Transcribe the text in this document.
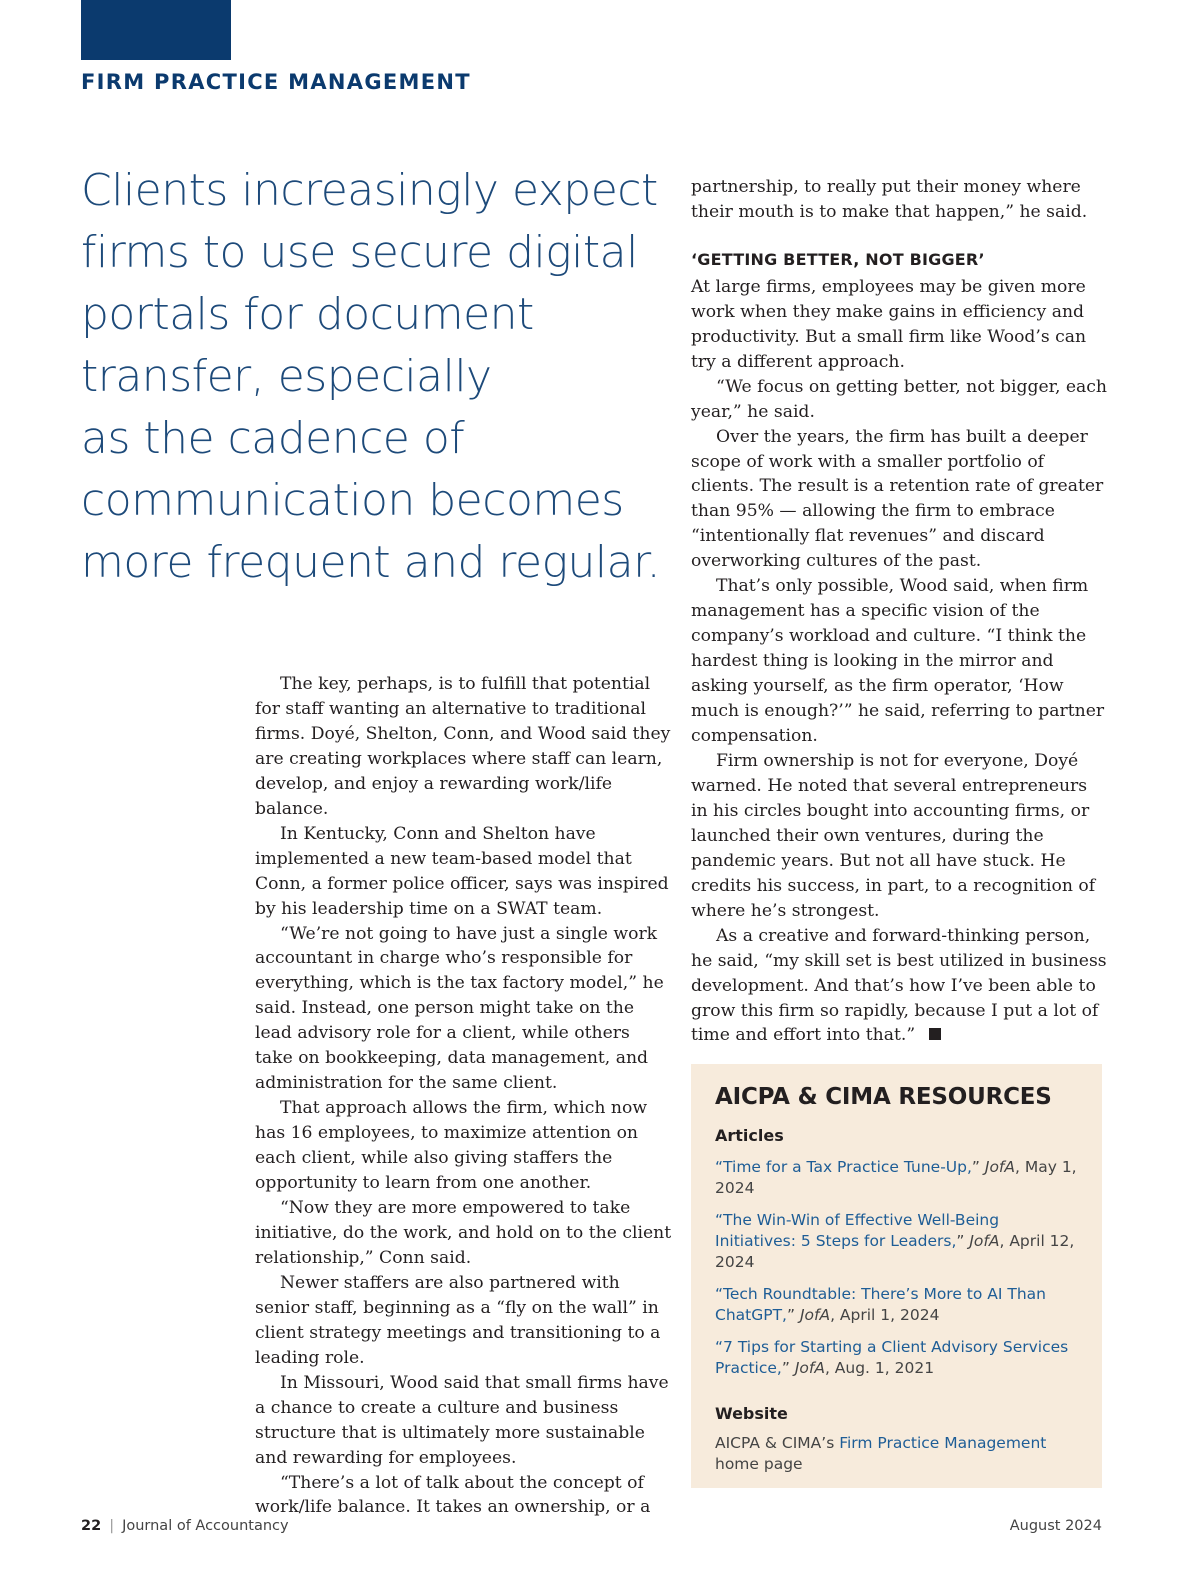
FIRM PRACTICE MANAGEMENT
Clients increasingly expect
firms to use secure digital
portals for document
transfer, especially
as the cadence of
communication becomes
more frequent and regular.

The key, perhaps, is to fulfill that potential for staff wanting an alternative to traditional firms. Doyé, Shelton, Conn, and Wood said they are creating workplaces where staff can learn, develop, and enjoy a rewarding work/life balance.

In Kentucky, Conn and Shelton have implemented a new team-based model that Conn, a former police officer, says was inspired by his leadership time on a SWAT team.

“We’re not going to have just a single work accountant in charge who’s responsible for everything, which is the tax factory model,” he said. Instead, one person might take on the lead advisory role for a client, while others take on bookkeeping, data management, and administration for the same client.

That approach allows the firm, which now has 16 employees, to maximize attention on each client, while also giving staffers the opportunity to learn from one another.

“Now they are more empowered to take initiative, do the work, and hold on to the client relationship,” Conn said.

Newer staffers are also partnered with senior staff, beginning as a “fly on the wall” in client strategy meetings and transitioning to a leading role.

In Missouri, Wood said that small firms have a chance to create a culture and business structure that is ultimately more sustainable and rewarding for employees.

“There’s a lot of talk about the concept of work/life balance. It takes an ownership, or a

partnership, to really put their money where their mouth is to make that happen,” he said.

‘GETTING BETTER, NOT BIGGER’

At large firms, employees may be given more work when they make gains in efficiency and productivity. But a small firm like Wood’s can try a different approach.

“We focus on getting better, not bigger, each year,” he said.

Over the years, the firm has built a deeper scope of work with a smaller portfolio of clients. The result is a retention rate of greater than 95% — allowing the firm to embrace “intentionally flat revenues” and discard overworking cultures of the past.

That’s only possible, Wood said, when firm management has a specific vision of the company’s workload and culture. “I think the hardest thing is looking in the mirror and asking yourself, as the firm operator, ‘How much is enough?’” he said, referring to partner compensation.

Firm ownership is not for everyone, Doyé warned. He noted that several entrepreneurs in his circles bought into accounting firms, or launched their own ventures, during the pandemic years. But not all have stuck. He credits his success, in part, to a recognition of where he’s strongest.

As a creative and forward-thinking person, he said, “my skill set is best utilized in business development. And that’s how I’ve been able to grow this firm so rapidly, because I put a lot of time and effort into that.”

AICPA & CIMA RESOURCES
Articles
“Time for a Tax Practice Tune-Up,” JofA, May 1, 2024
“The Win-Win of Effective Well-Being Initiatives: 5 Steps for Leaders,” JofA, April 12, 2024
“Tech Roundtable: There’s More to AI Than ChatGPT,” JofA, April 1, 2024
“7 Tips for Starting a Client Advisory Services Practice,” JofA, Aug. 1, 2021
Website
AICPA & CIMA’s Firm Practice Management home page
22 | Journal of Accountancy	August 2024
